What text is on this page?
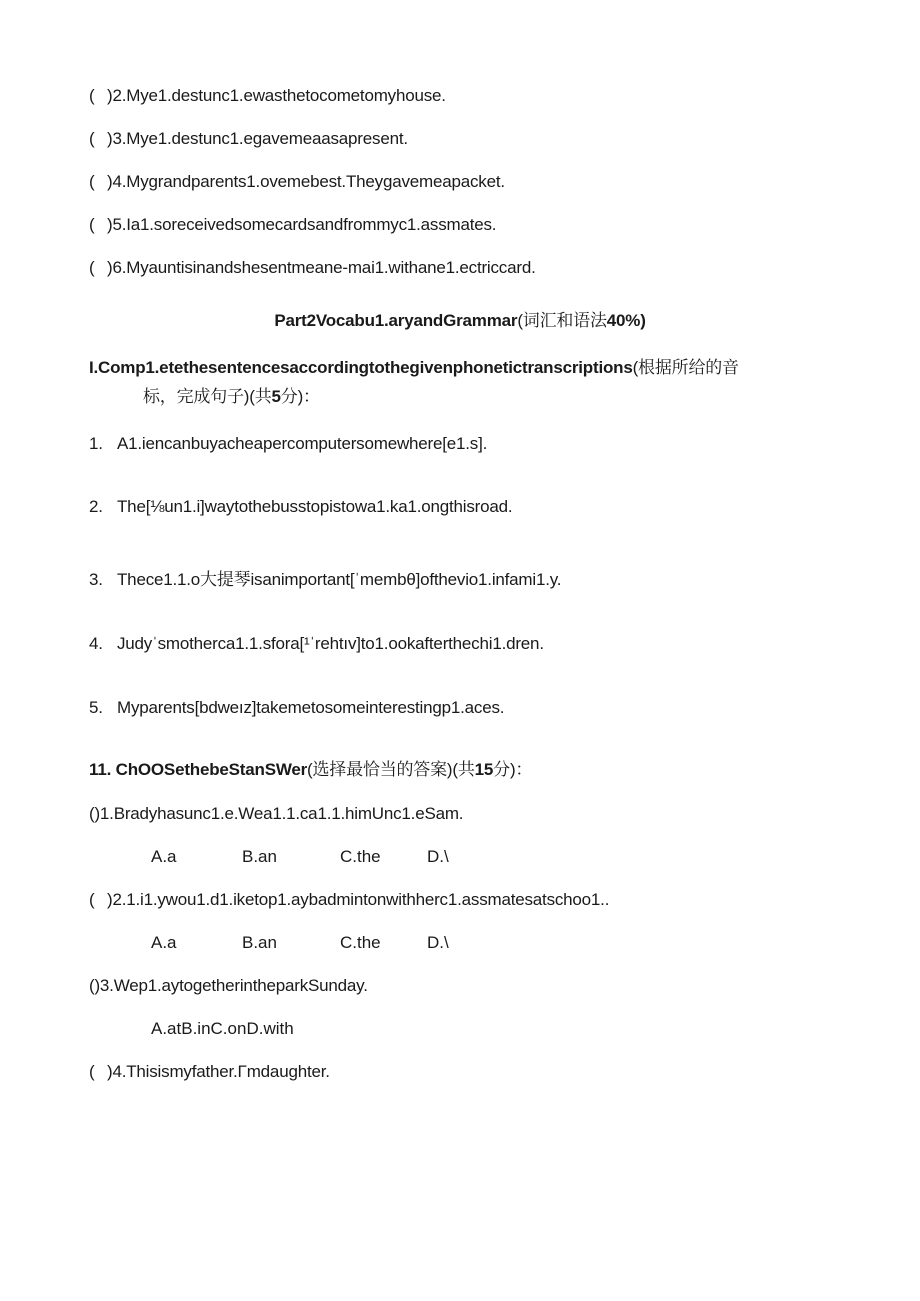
( )2.Mye1.destunc1.ewasthetocometomyhouse.
( )3.Mye1.destunc1.egavemeaasapresent.
( )4.Mygrandparents1.ovemebest.Theygavemeapacket.
( )5.Ia1.soreceivedsomecardsandfrommyc1.assmates.
( )6.Myauntisinandshesentmeane-mai1.withane1.ectriccard.
Part2Vocabu1.aryandGrammar(词汇和语法40%)
I.Comp1.etethesentencesaccordingtothegivenphonetictranscriptions(根据所给的音
标，完成句子)(共5分)：
1. A1.iencanbuyacheapercomputersomewhere[e1.s].
2. The[⅛un1.i]waytothebusstopistowa1.ka1.ongthisroad.
3. Thece1.1.o大提琴isanimportant[ˈmembθ]ofthevio1.infami1.y.
4. Judyˈsmotherca1.1.sfora[¹ˈrehtıv]to1.ookafterthechi1.dren.
5. Myparents[bdweız]takemetosomeinterestingp1.aces.
11. ChOOSethebeStanSWer(选择最恰当的答案)(共15分)：
()1.Bradyhasunc1.e.Wea1.1.ca1.1.himUnc1.eSam.
A.a	B.an	C.the	D.\
( )2.1.i1.ywou1.d1.iketop1.aybadmintonwithherc1.assmatesatschoo1..
A.a	B.an	C.the	D.\
()3.Wep1.aytogetherintheparkSunday.
A.atB.inC.onD.with
( )4.Thisismyfather.Γmdaughter.
